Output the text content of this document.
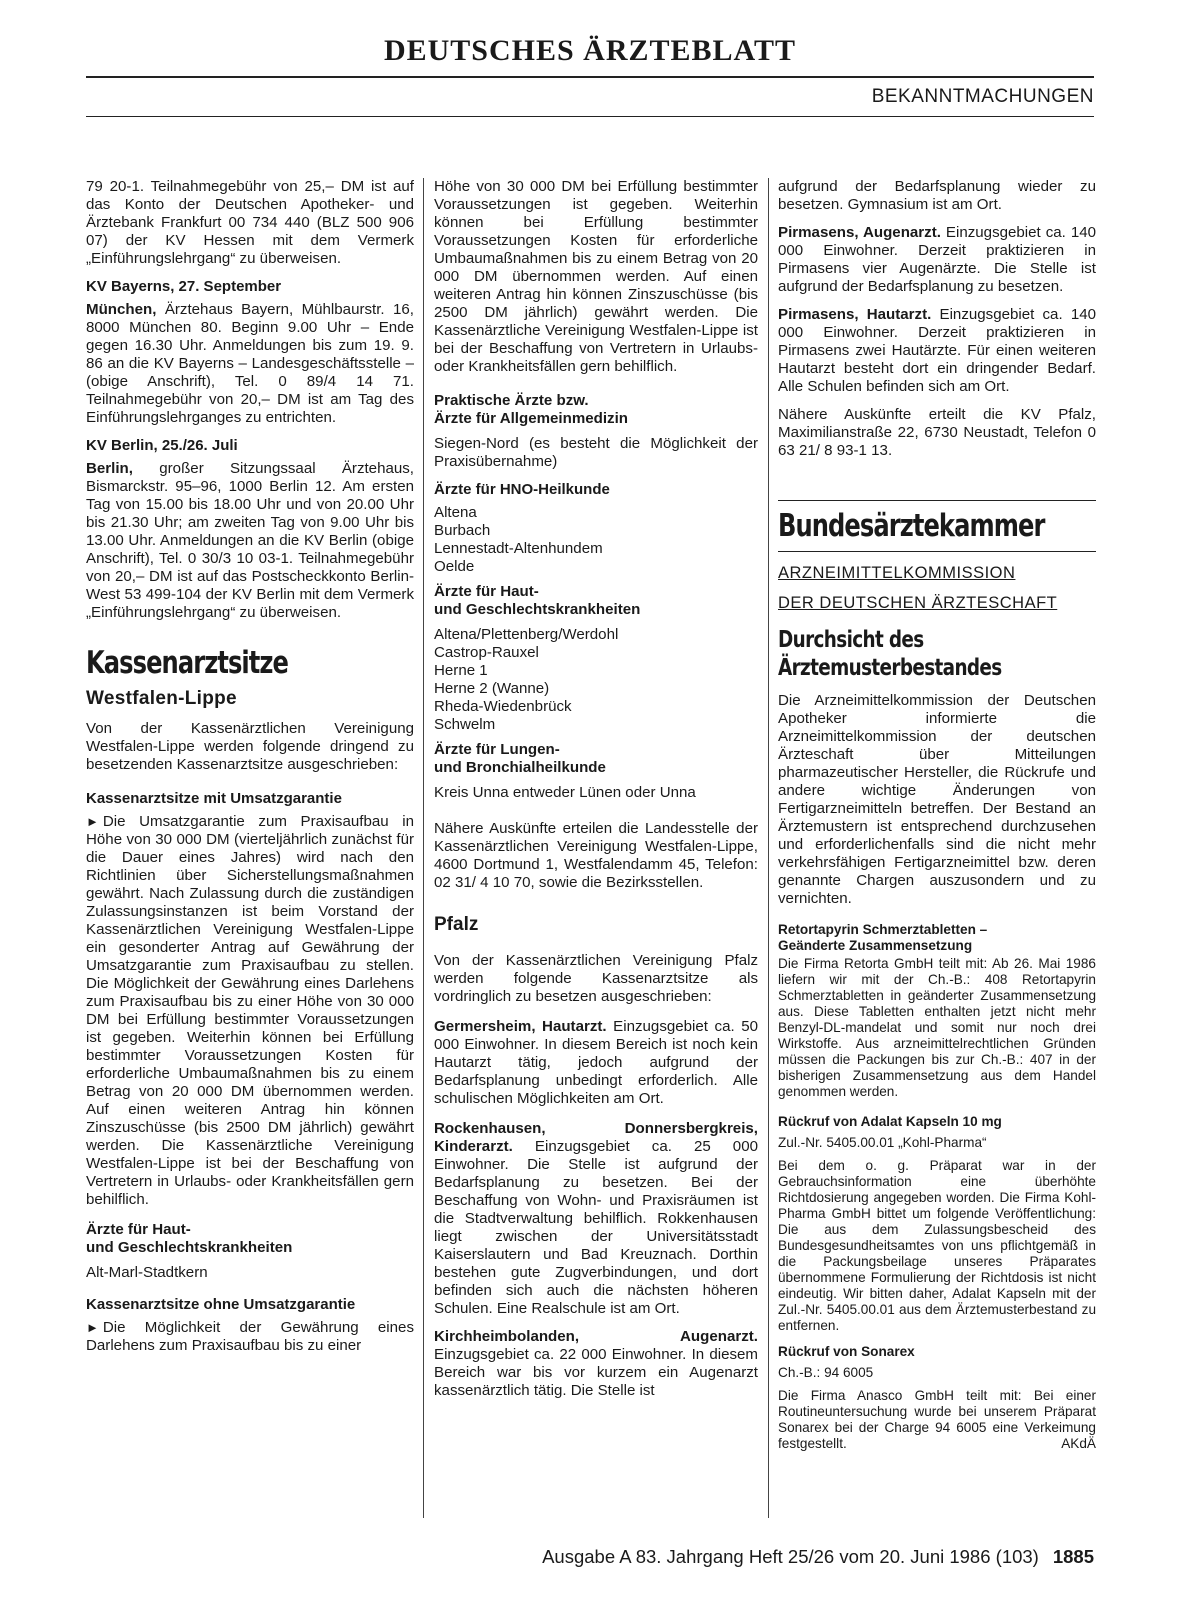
DEUTSCHES ÄRZTEBLATT
BEKANNTMACHUNGEN

79 20-1. Teilnahmegebühr von 25,– DM ist auf das Konto der Deutschen Apotheker- und Ärztebank Frankfurt 00 734 440 (BLZ 500 906 07) der KV Hessen mit dem Vermerk „Einführungslehrgang“ zu überweisen.

KV Bayerns, 27. September

München, Ärztehaus Bayern, Mühlbaurstr. 16, 8000 München 80. Beginn 9.00 Uhr – Ende gegen 16.30 Uhr. Anmeldungen bis zum 19. 9. 86 an die KV Bayerns – Landesgeschäftsstelle – (obige Anschrift), Tel. 0 89/4 14 71. Teilnahmegebühr von 20,– DM ist am Tag des Einführungslehrganges zu entrichten.

KV Berlin, 25./26. Juli

Berlin, großer Sitzungssaal Ärztehaus, Bismarckstr. 95–96, 1000 Berlin 12. Am ersten Tag von 15.00 bis 18.00 Uhr und von 20.00 Uhr bis 21.30 Uhr; am zweiten Tag von 9.00 Uhr bis 13.00 Uhr. Anmeldungen an die KV Berlin (obige Anschrift), Tel. 0 30/3 10 03-1. Teilnahmegebühr von 20,– DM ist auf das Postscheckkonto Berlin-West 53 499-104 der KV Berlin mit dem Vermerk „Einführungslehrgang“ zu überweisen.

Kassenarztsitze
Westfalen-Lippe

Von der Kassenärztlichen Vereinigung Westfalen-Lippe werden folgende dringend zu besetzenden Kassenarztsitze ausgeschrieben:

Kassenarztsitze mit Umsatzgarantie

► Die Umsatzgarantie zum Praxisaufbau in Höhe von 30 000 DM (vierteljährlich zunächst für die Dauer eines Jahres) wird nach den Richtlinien über Sicherstellungsmaßnahmen gewährt. Nach Zulassung durch die zuständigen Zulassungsinstanzen ist beim Vorstand der Kassenärztlichen Vereinigung Westfalen-Lippe ein gesonderter Antrag auf Gewährung der Umsatzgarantie zum Praxisaufbau zu stellen. Die Möglichkeit der Gewährung eines Darlehens zum Praxisaufbau bis zu einer Höhe von 30 000 DM bei Erfüllung bestimmter Voraussetzungen ist gegeben. Weiterhin können bei Erfüllung bestimmter Voraussetzungen Kosten für erforderliche Umbaumaßnahmen bis zu einem Betrag von 20 000 DM übernommen werden. Auf einen weiteren Antrag hin können Zinszuschüsse (bis 2500 DM jährlich) gewährt werden. Die Kassenärztliche Vereinigung Westfalen-Lippe ist bei der Beschaffung von Vertretern in Urlaubs- oder Krankheitsfällen gern behilflich.

Ärzte für Haut-
und Geschlechtskrankheiten

Alt-Marl-Stadtkern

Kassenarztsitze ohne Umsatzgarantie

► Die Möglichkeit der Gewährung eines Darlehens zum Praxisaufbau bis zu einer

Höhe von 30 000 DM bei Erfüllung bestimmter Voraussetzungen ist gegeben. Weiterhin können bei Erfüllung bestimmter Voraussetzungen Kosten für erforderliche Umbaumaßnahmen bis zu einem Betrag von 20 000 DM übernommen werden. Auf einen weiteren Antrag hin können Zinszuschüsse (bis 2500 DM jährlich) gewährt werden. Die Kassenärztliche Vereinigung Westfalen-Lippe ist bei der Beschaffung von Vertretern in Urlaubs- oder Krankheitsfällen gern behilflich.

Praktische Ärzte bzw.
Ärzte für Allgemeinmedizin

Siegen-Nord (es besteht die Möglichkeit der Praxisübernahme)

Ärzte für HNO-Heilkunde
Altena
Burbach
Lennestadt-Altenhundem
Oelde
Ärzte für Haut-
und Geschlechtskrankheiten
Altena/Plettenberg/Werdohl
Castrop-Rauxel
Herne 1
Herne 2 (Wanne)
Rheda-Wiedenbrück
Schwelm
Ärzte für Lungen-
und Bronchialheilkunde

Kreis Unna entweder Lünen oder Unna

Nähere Auskünfte erteilen die Landesstelle der Kassenärztlichen Vereinigung Westfalen-Lippe, 4600 Dortmund 1, Westfalendamm 45, Telefon: 02 31/ 4 10 70, sowie die Bezirksstellen.

Pfalz

Von der Kassenärztlichen Vereinigung Pfalz werden folgende Kassenarztsitze als vordringlich zu besetzen ausgeschrieben:

Germersheim, Hautarzt. Einzugsgebiet ca. 50 000 Einwohner. In diesem Bereich ist noch kein Hautarzt tätig, jedoch aufgrund der Bedarfsplanung unbedingt erforderlich. Alle schulischen Möglichkeiten am Ort.

Rockenhausen, Donnersbergkreis, Kinderarzt. Einzugsgebiet ca. 25 000 Einwohner. Die Stelle ist aufgrund der Bedarfsplanung zu besetzen. Bei der Beschaffung von Wohn- und Praxisräumen ist die Stadtverwaltung behilflich. Rokkenhausen liegt zwischen der Universitätsstadt Kaiserslautern und Bad Kreuznach. Dorthin bestehen gute Zugverbindungen, und dort befinden sich auch die nächsten höheren Schulen. Eine Realschule ist am Ort.

Kirchheimbolanden, Augenarzt. Einzugsgebiet ca. 22 000 Einwohner. In diesem Bereich war bis vor kurzem ein Augenarzt kassenärztlich tätig. Die Stelle ist

aufgrund der Bedarfsplanung wieder zu besetzen. Gymnasium ist am Ort.

Pirmasens, Augenarzt. Einzugsgebiet ca. 140 000 Einwohner. Derzeit praktizieren in Pirmasens vier Augenärzte. Die Stelle ist aufgrund der Bedarfsplanung zu besetzen.

Pirmasens, Hautarzt. Einzugsgebiet ca. 140 000 Einwohner. Derzeit praktizieren in Pirmasens zwei Hautärzte. Für einen weiteren Hautarzt besteht dort ein dringender Bedarf. Alle Schulen befinden sich am Ort.

Nähere Auskünfte erteilt die KV Pfalz, Maximilianstraße 22, 6730 Neustadt, Telefon 0 63 21/ 8 93-1 13.

Bundesärztekammer
ARZNEIMITTELKOMMISSION
DER DEUTSCHEN ÄRZTESCHAFT
Durchsicht des
Ärztemusterbestandes

Die Arzneimittelkommission der Deutschen Apotheker informierte die Arzneimittelkommission der deutschen Ärzteschaft über Mitteilungen pharmazeutischer Hersteller, die Rückrufe und andere wichtige Änderungen von Fertigarzneimitteln betreffen. Der Bestand an Ärztemustern ist entsprechend durchzusehen und erforderlichenfalls sind die nicht mehr verkehrsfähigen Fertigarzneimittel bzw. deren genannte Chargen auszusondern und zu vernichten.

Retortapyrin Schmerztabletten –
Geänderte Zusammensetzung

Die Firma Retorta GmbH teilt mit: Ab 26. Mai 1986 liefern wir mit der Ch.-B.: 408 Retortapyrin Schmerztabletten in geänderter Zusammensetzung aus. Diese Tabletten enthalten jetzt nicht mehr Benzyl-DL-mandelat und somit nur noch drei Wirkstoffe. Aus arzneimittelrechtlichen Gründen müssen die Packungen bis zur Ch.-B.: 407 in der bisherigen Zusammensetzung aus dem Handel genommen werden.

Rückruf von Adalat Kapseln 10 mg

Zul.-Nr. 5405.00.01 „Kohl-Pharma“

Bei dem o. g. Präparat war in der Gebrauchsinformation eine überhöhte Richtdosierung angegeben worden. Die Firma Kohl-Pharma GmbH bittet um folgende Veröffentlichung: Die aus dem Zulassungsbescheid des Bundesgesundheitsamtes von uns pflichtgemäß in die Packungsbeilage unseres Präparates übernommene Formulierung der Richtdosis ist nicht eindeutig. Wir bitten daher, Adalat Kapseln mit der Zul.-Nr. 5405.00.01 aus dem Ärztemusterbestand zu entfernen.

Rückruf von Sonarex

Ch.-B.: 94 6005

Die Firma Anasco GmbH teilt mit: Bei einer Routineuntersuchung wurde bei unserem Präparat Sonarex bei der Charge 94 6005 eine Verkeimung festgestellt.	AKdÄ

Ausgabe A 83. Jahrgang Heft 25/26 vom 20. Juni 1986 (103) 1885
